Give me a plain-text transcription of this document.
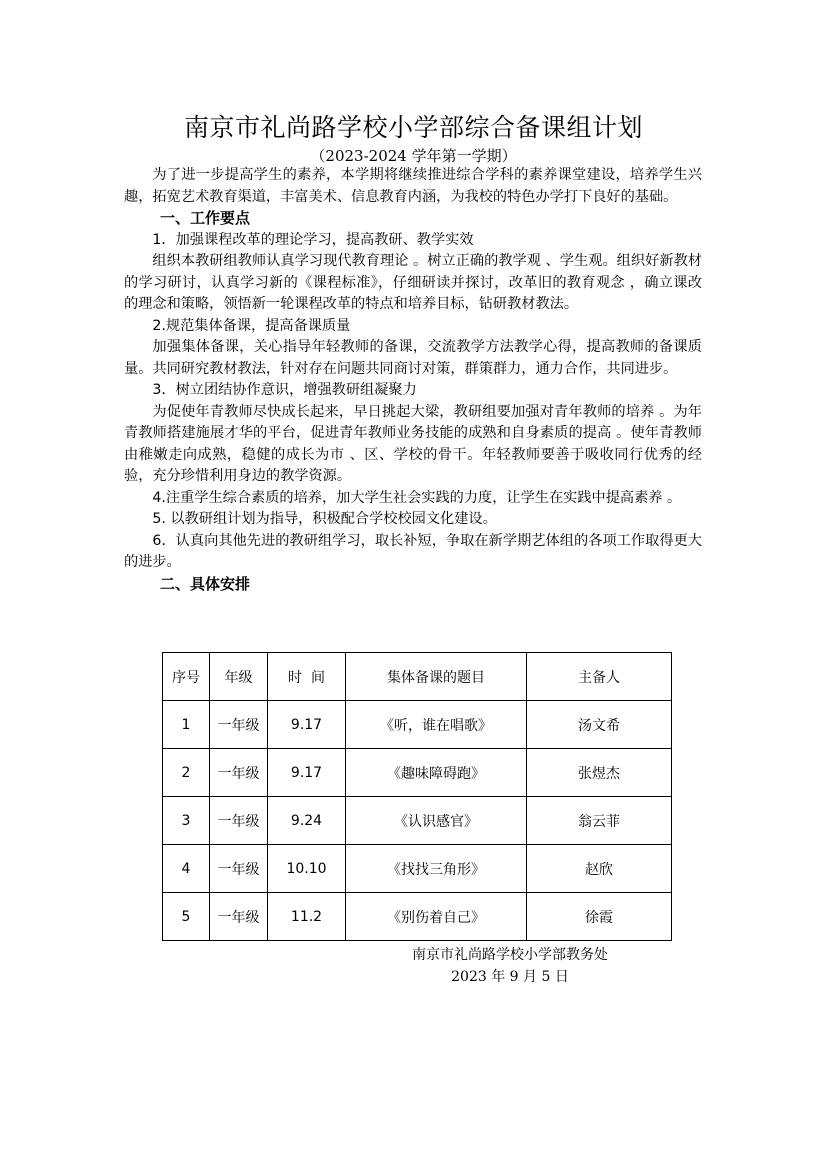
南京市礼尚路学校小学部综合备课组计划
（2023-2024 学年第一学期）

为了进一步提高学生的素养，本学期将继续推进综合学科的素养课堂建设，培养学生兴趣，拓宽艺术教育渠道，丰富美术、信息教育内涵，为我校的特色办学打下良好的基础。

一、工作要点

1．加强课程改革的理论学习，提高教研、教学实效

组织本教研组教师认真学习现代教育理论 。树立正确的教学观 、学生观。组织好新教材的学习研讨，认真学习新的《课程标准》，仔细研读并探讨，改革旧的教育观念 ，确立课改的理念和策略，领悟新一轮课程改革的特点和培养目标，钻研教材教法。

2.规范集体备课，提高备课质量

加强集体备课，关心指导年轻教师的备课，交流教学方法教学心得，提高教师的备课质量。共同研究教材教法，针对存在问题共同商讨对策，群策群力，通力合作，共同进步。

3．树立团结协作意识，增强教研组凝聚力

为促使年青教师尽快成长起来，早日挑起大梁，教研组要加强对青年教师的培养 。为年青教师搭建施展才华的平台，促进青年教师业务技能的成熟和自身素质的提高 。使年青教师由稚嫩走向成熟，稳健的成长为市 、区、学校的骨干。年轻教师要善于吸收同行优秀的经验，充分珍惜利用身边的教学资源。

4.注重学生综合素质的培养，加大学生社会实践的力度，让学生在实践中提高素养 。

5. 以教研组计划为指导，积极配合学校校园文化建设。

6．认真向其他先进的教研组学习，取长补短，争取在新学期艺体组的各项工作取得更大的进步。

二、具体安排

序号	年级	时  间	集体备课的题目	主备人
1	一年级	9.17	《听，谁在唱歌》	汤文希
2	一年级	9.17	《趣味障碍跑》	张煜杰
3	一年级	9.24	《认识感官》	翁云菲
4	一年级	10.10	《找找三角形》	赵欣
5	一年级	11.2	《别伤着自己》	徐霞
南京市礼尚路学校小学部教务处
2023 年 9 月 5 日
